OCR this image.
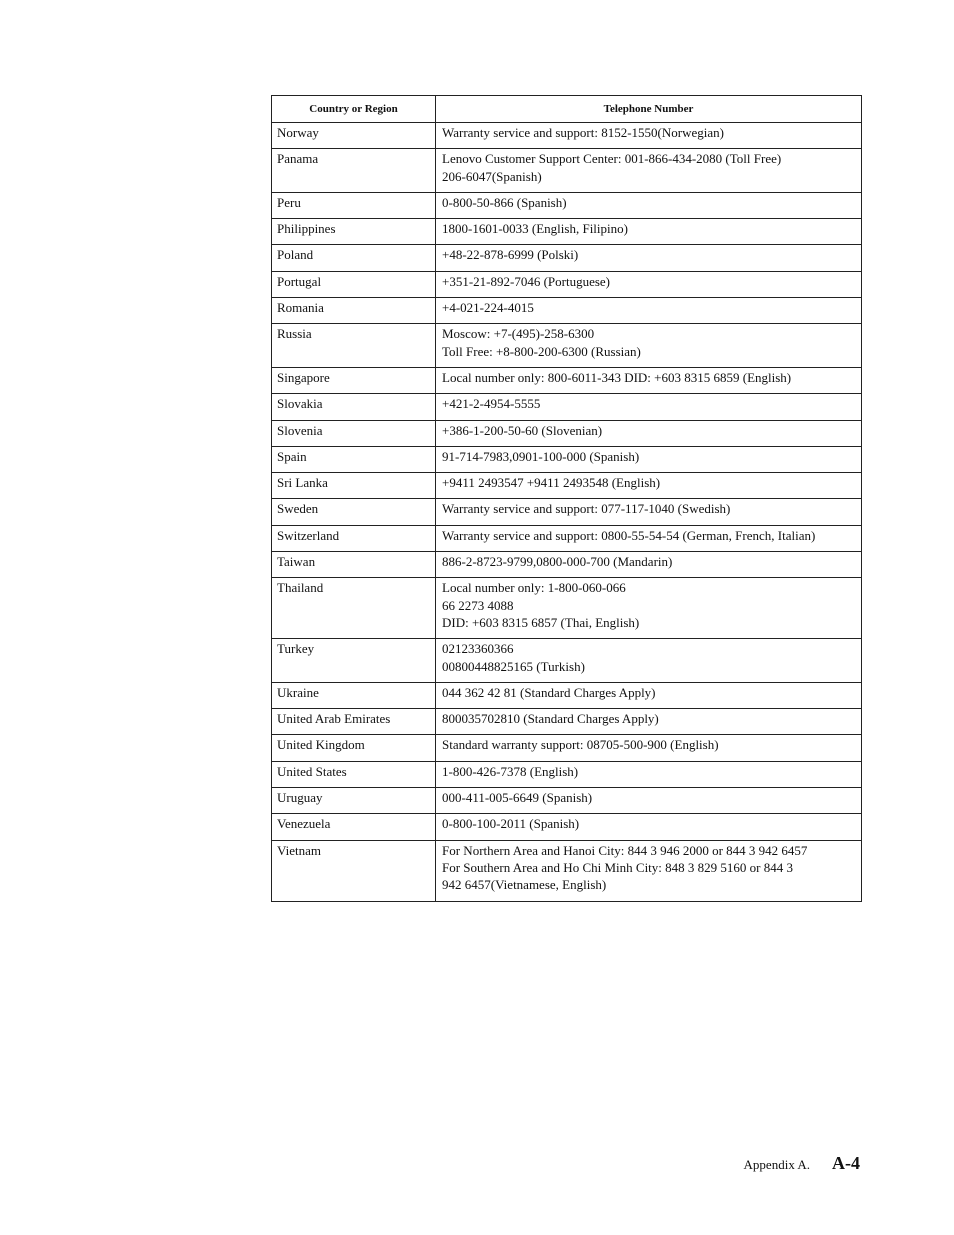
Country or Region	Telephone Number
Norway	Warranty service and support: 8152-1550(Norwegian)

Panama	Lenovo Customer Support Center: 001-866-434-2080 (Toll Free)
206-6047(Spanish)

Peru	0-800-50-866 (Spanish)

Philippines	1800-1601-0033 (English, Filipino)

Poland	+48-22-878-6999 (Polski)

Portugal	+351-21-892-7046 (Portuguese)

Romania	+4-021-224-4015

Russia	Moscow: +7-(495)-258-6300
Toll Free: +8-800-200-6300 (Russian)

Singapore	Local number only: 800-6011-343 DID: +603 8315 6859 (English)

Slovakia	+421-2-4954-5555

Slovenia	+386-1-200-50-60 (Slovenian)

Spain	91-714-7983,0901-100-000 (Spanish)

Sri Lanka	+9411 2493547 +9411 2493548 (English)

Sweden	Warranty service and support: 077-117-1040 (Swedish)

Switzerland	Warranty service and support: 0800-55-54-54 (German, French, Italian)

Taiwan	886-2-8723-9799,0800-000-700 (Mandarin)

Thailand	Local number only: 1-800-060-066
66 2273 4088
DID: +603 8315 6857 (Thai, English)

Turkey	02123360366
00800448825165 (Turkish)

Ukraine	044 362 42 81 (Standard Charges Apply)

United Arab Emirates	800035702810 (Standard Charges Apply)

United Kingdom	Standard warranty support: 08705-500-900 (English)

United States	1-800-426-7378 (English)

Uruguay	000-411-005-6649 (Spanish)

Venezuela	0-800-100-2011 (Spanish)

Vietnam	For Northern Area and Hanoi City: 844 3 946 2000 or 844 3 942 6457
For Southern Area and Ho Chi Minh City: 848 3 829 5160 or 844 3
942 6457(Vietnamese, English)
Appendix A. A-4
